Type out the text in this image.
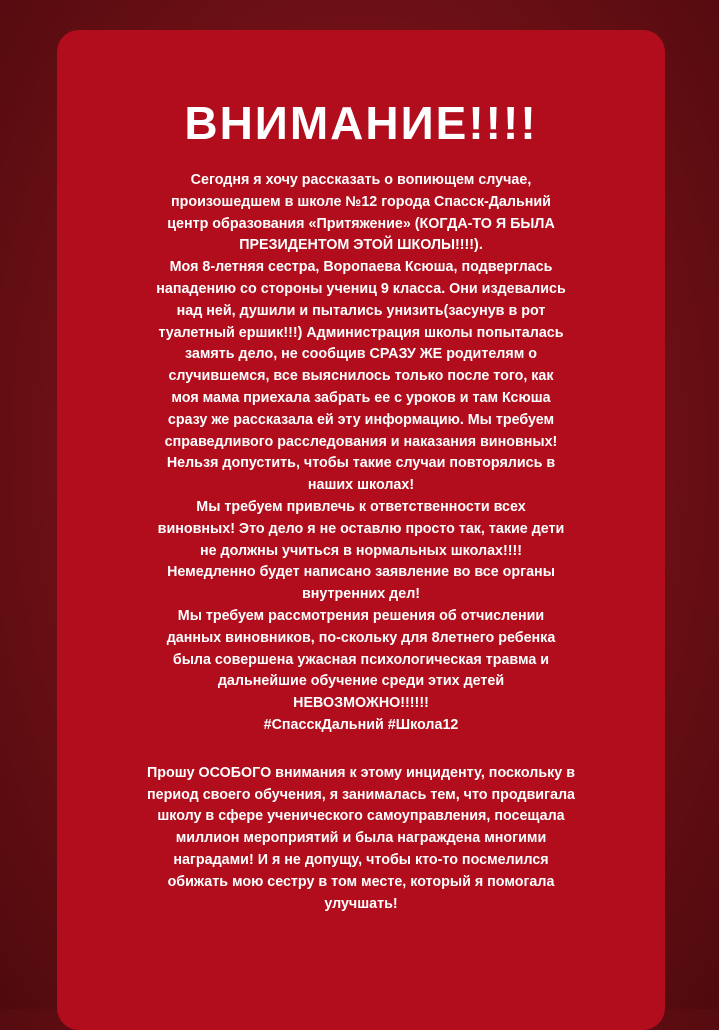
ВНИМАНИЕ!!!!

Сегодня я хочу рассказать о вопиющем случае,
произошедшем в школе №12 города Спасск-Дальний
центр образования «Притяжение» (КОГДА-ТО Я БЫЛА
ПРЕЗИДЕНТОМ ЭТОЙ ШКОЛЫ!!!!).

Моя 8-летняя сестра, Воропаева Ксюша, подверглась
нападению со стороны учениц 9 класса. Они издевались
над ней, душили и пытались унизить(засунув в рот
туалетный ершик!!!) Администрация школы попыталась
замять дело, не сообщив СРАЗУ ЖЕ родителям о
случившемся, все выяснилось только после того, как
моя мама приехала забрать ее с уроков и там Ксюша
сразу же рассказала ей эту информацию. Мы требуем
справедливого расследования и наказания виновных!
Нельзя допустить, чтобы такие случаи повторялись в
наших школах!

Мы требуем привлечь к ответственности всех
виновных! Это дело я не оставлю просто так, такие дети
не должны учиться в нормальных школах!!!!
Немедленно будет написано заявление во все органы
внутренних дел!

Мы требуем рассмотрения решения об отчислении
данных виновников, по-скольку для 8летнего ребенка
была совершена ужасная психологическая травма и
дальнейшие обучение среди этих детей
НЕВОЗМОЖНО!!!!!!

#СпасскДальний #Школа12

Прошу ОСОБОГО внимания к этому инциденту, поскольку в
период своего обучения, я занималась тем, что продвигала
школу в сфере ученического самоуправления, посещала
миллион мероприятий и была награждена многими
наградами! И я не допущу, чтобы кто-то посмелился
обижать мою сестру в том месте, который я помогала
улучшать!
